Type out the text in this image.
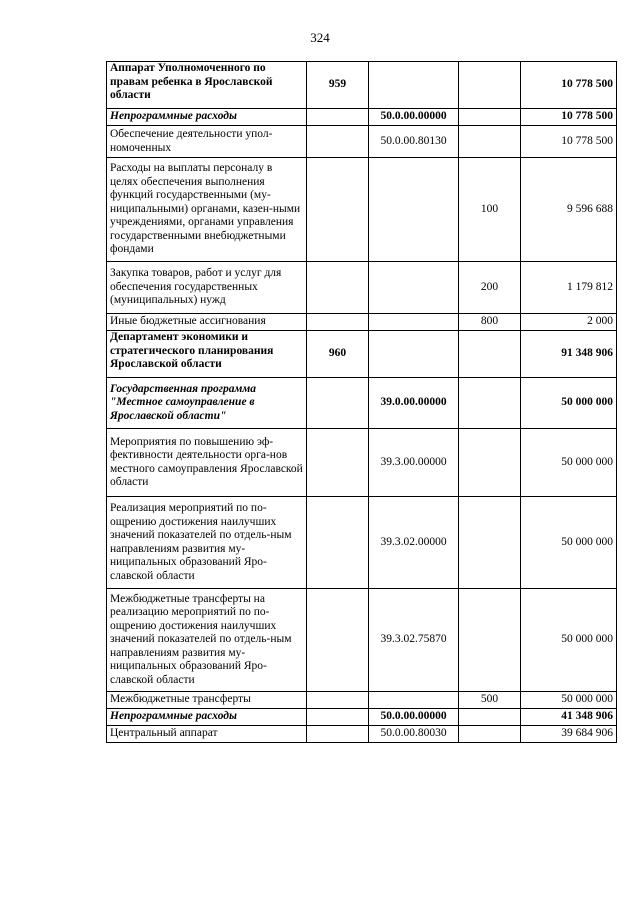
324
Аппарат Уполномоченного по правам ребенка в Ярославской области	959			10 778 500
Непрограммные расходы		50.0.00.00000		10 778 500
Обеспечение деятельности упол-номоченных		50.0.00.80130		10 778 500
Расходы на выплаты персоналу в целях обеспечения выполнения функций государственными (му-ниципальными) органами, казен-ными учреждениями, органами управления государственными внебюджетными фондами			100	9 596 688
Закупка товаров, работ и услуг для обеспечения государственных (муниципальных) нужд			200	1 179 812
Иные бюджетные ассигнования			800	2 000
Департамент экономики и стратегического планирования Ярославской области	960			91 348 906
Государственная программа "Местное самоуправление в Ярославской области"		39.0.00.00000		50 000 000
Мероприятия по повышению эф-фективности деятельности орга-нов местного самоуправления Ярославской области		39.3.00.00000		50 000 000
Реализация мероприятий по по-ощрению достижения наилучших значений показателей по отдель-ным направлениям развития му-ниципальных образований Яро-славской области		39.3.02.00000		50 000 000
Межбюджетные трансферты на реализацию мероприятий по по-ощрению достижения наилучших значений показателей по отдель-ным направлениям развития му-ниципальных образований Яро-славской области		39.3.02.75870		50 000 000
Межбюджетные трансферты			500	50 000 000
Непрограммные расходы		50.0.00.00000		41 348 906
Центральный аппарат		50.0.00.80030		39 684 906
